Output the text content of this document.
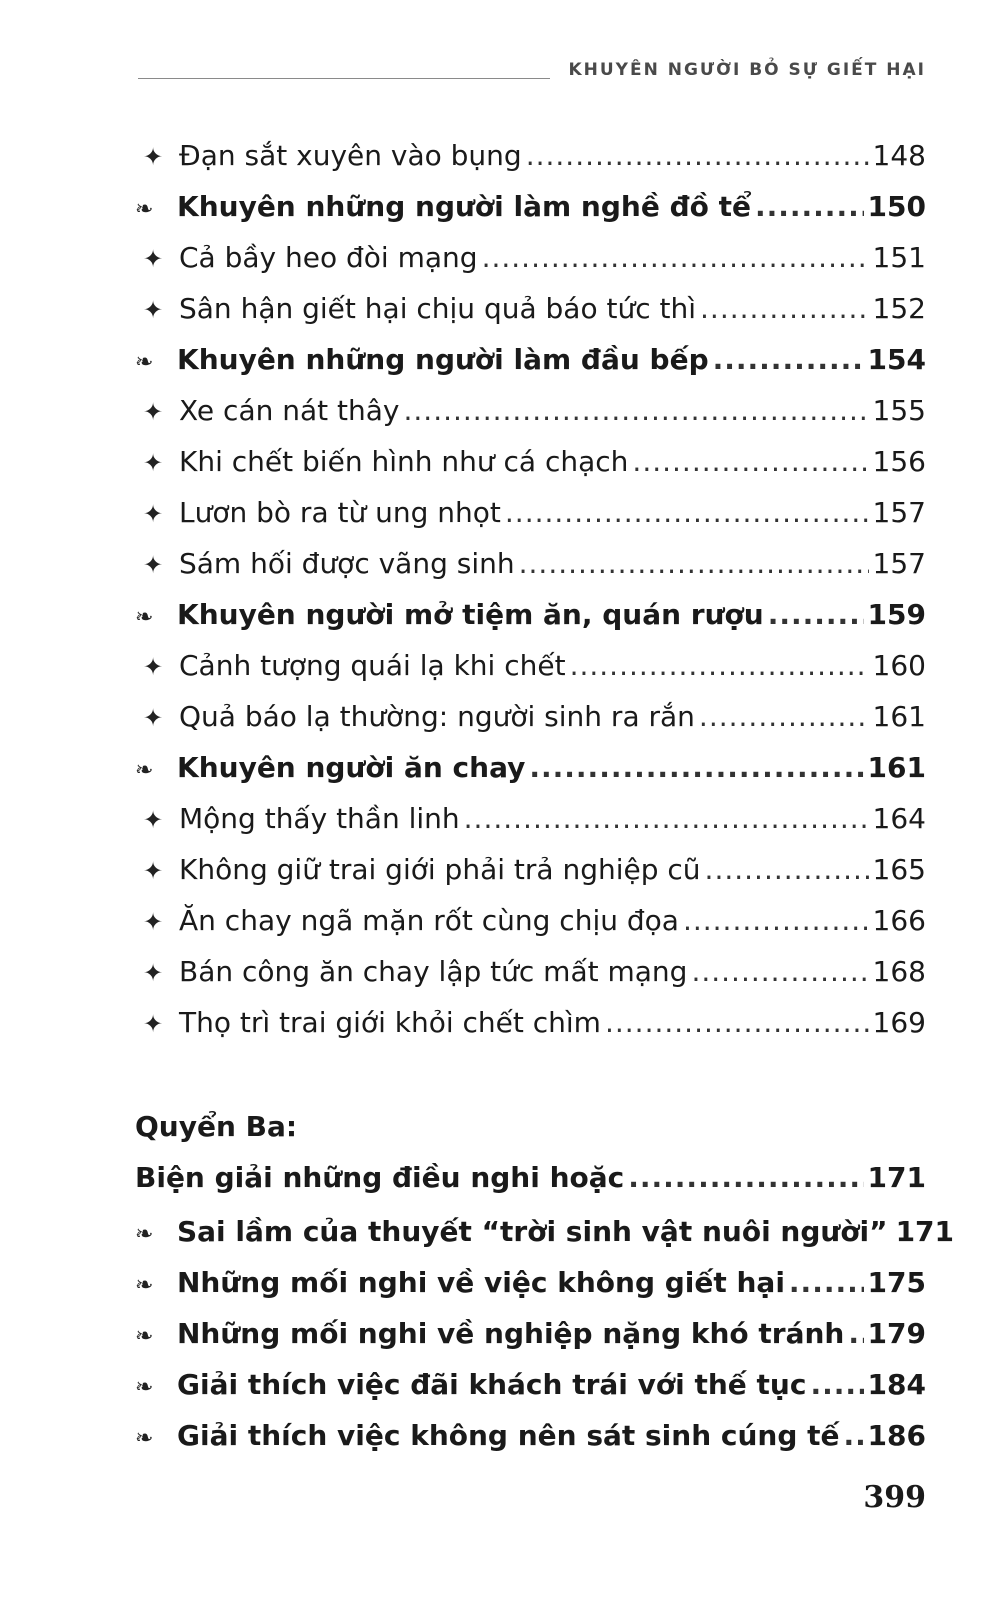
KHUYÊN NGƯỜI BỎ SỰ GIẾT HẠI
✦ Đạn sắt xuyên vào bụng .....	148
❧ Khuyên những người làm nghề đồ tể .....	150
✦ Cả bầy heo đòi mạng .....	151
✦ Sân hận giết hại chịu quả báo tức thì .....	152
❧ Khuyên những người làm đầu bếp .....	154
✦ Xe cán nát thây .....	155
✦ Khi chết biến hình như cá chạch .....	156
✦ Lươn bò ra từ ung nhọt .....	157
✦ Sám hối được vãng sinh .....	157
❧ Khuyên người mở tiệm ăn, quán rượu .....	159
✦ Cảnh tượng quái lạ khi chết .....	160
✦ Quả báo lạ thường: người sinh ra rắn .....	161
❧ Khuyên người ăn chay .....	161
✦ Mộng thấy thần linh .....	164
✦ Không giữ trai giới phải trả nghiệp cũ .....	165
✦ Ăn chay ngã mặn rốt cùng chịu đọa .....	166
✦ Bán công ăn chay lập tức mất mạng .....	168
✦ Thọ trì trai giới khỏi chết chìm .....	169
Quyển Ba:
Biện giải những điều nghi hoặc .....	171
❧ Sai lầm của thuyết “trời sinh vật nuôi người” 171
❧ Những mối nghi về việc không giết hại .....	175
❧ Những mối nghi về nghiệp nặng khó tránh ..... 179
❧ Giải thích việc đãi khách trái với thế tục ..... 184
❧ Giải thích việc không nên sát sinh cúng tế ..... 186
399
